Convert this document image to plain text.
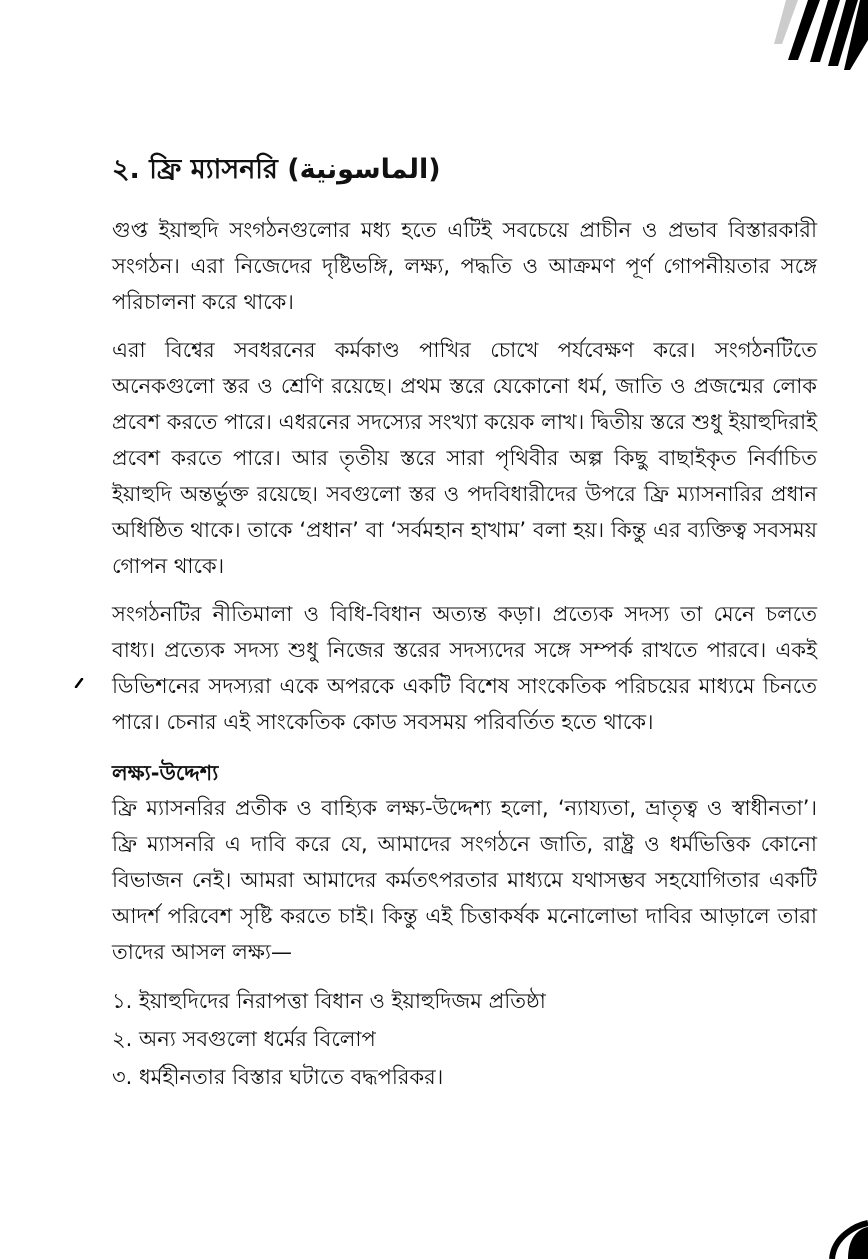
২. ফ্রি ম্যাসনরি (الماسونية)

গুপ্ত ইয়াহুদি সংগঠনগুলোর মধ্য হতে এটিই সবচেয়ে প্রাচীন ও প্রভাব বিস্তারকারী সংগঠন। এরা নিজেদের দৃষ্টিভঙ্গি, লক্ষ্য, পদ্ধতি ও আক্রমণ পূর্ণ গোপনীয়তার সঙ্গে পরিচালনা করে থাকে।

এরা বিশ্বের সবধরনের কর্মকাণ্ড পাখির চোখে পর্যবেক্ষণ করে। সংগঠনটিতে অনেকগুলো স্তর ও শ্রেণি রয়েছে। প্রথম স্তরে যেকোনো ধর্ম, জাতি ও প্রজন্মের লোক প্রবেশ করতে পারে। এধরনের সদস্যের সংখ্যা কয়েক লাখ। দ্বিতীয় স্তরে শুধু ইয়াহুদিরাই প্রবেশ করতে পারে। আর তৃতীয় স্তরে সারা পৃথিবীর অল্প কিছু বাছাইকৃত নির্বাচিত ইয়াহুদি অন্তর্ভুক্ত রয়েছে। সবগুলো স্তর ও পদবিধারীদের উপরে ফ্রি ম্যাসনারির প্রধান অধিষ্ঠিত থাকে। তাকে ‘প্রধান’ বা ‘সর্বমহান হাখাম’ বলা হয়। কিন্তু এর ব্যক্তিত্ব সবসময় গোপন থাকে।

সংগঠনটির নীতিমালা ও বিধি-বিধান অত্যন্ত কড়া। প্রত্যেক সদস্য তা মেনে চলতে বাধ্য। প্রত্যেক সদস্য শুধু নিজের স্তরের সদস্যদের সঙ্গে সম্পর্ক রাখতে পারবে। একই ডিভিশনের সদস্যরা একে অপরকে একটি বিশেষ সাংকেতিক পরিচয়ের মাধ্যমে চিনতে পারে। চেনার এই সাংকেতিক কোড সবসময় পরিবর্তিত হতে থাকে।

লক্ষ্য-উদ্দেশ্য

ফ্রি ম্যাসনরির প্রতীক ও বাহ্যিক লক্ষ্য-উদ্দেশ্য হলো, ‘ন্যায্যতা, ভ্রাতৃত্ব ও স্বাধীনতা’। ফ্রি ম্যাসনরি এ দাবি করে যে, আমাদের সংগঠনে জাতি, রাষ্ট্র ও ধর্মভিত্তিক কোনো বিভাজন নেই। আমরা আমাদের কর্মতৎপরতার মাধ্যমে যথাসম্ভব সহযোগিতার একটি আদর্শ পরিবেশ সৃষ্টি করতে চাই। কিন্তু এই চিত্তাকর্ষক মনোলোভা দাবির আড়ালে তারা তাদের আসল লক্ষ্য—

১. ইয়াহুদিদের নিরাপত্তা বিধান ও ইয়াহুদিজম প্রতিষ্ঠা
২. অন্য সবগুলো ধর্মের বিলোপ
৩. ধর্মহীনতার বিস্তার ঘটাতে বদ্ধপরিকর।
